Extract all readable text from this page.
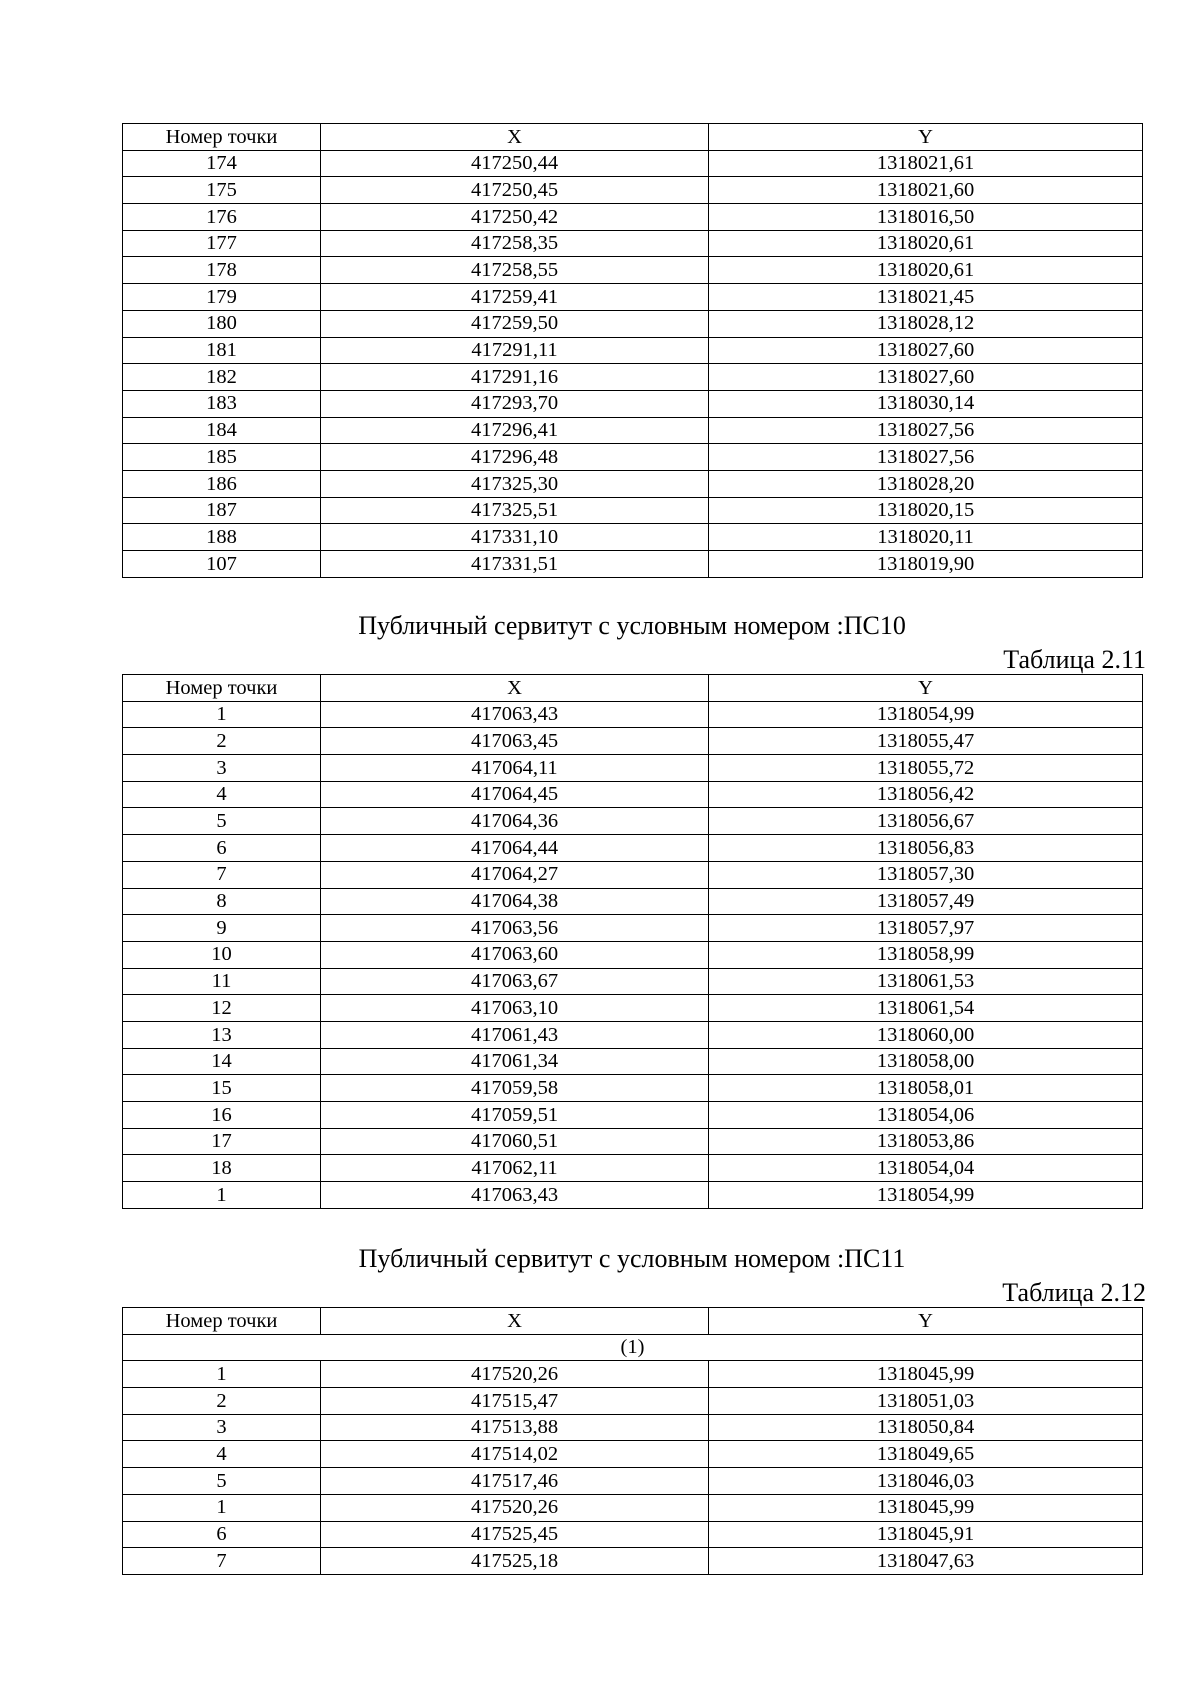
Номер точки	X	Y
174	417250,44	1318021,61
175	417250,45	1318021,60
176	417250,42	1318016,50
177	417258,35	1318020,61
178	417258,55	1318020,61
179	417259,41	1318021,45
180	417259,50	1318028,12
181	417291,11	1318027,60
182	417291,16	1318027,60
183	417293,70	1318030,14
184	417296,41	1318027,56
185	417296,48	1318027,56
186	417325,30	1318028,20
187	417325,51	1318020,15
188	417331,10	1318020,11
107	417331,51	1318019,90
Публичный сервитут с условным номером :ПС10
Таблица 2.11
Номер точки	X	Y
1	417063,43	1318054,99
2	417063,45	1318055,47
3	417064,11	1318055,72
4	417064,45	1318056,42
5	417064,36	1318056,67
6	417064,44	1318056,83
7	417064,27	1318057,30
8	417064,38	1318057,49
9	417063,56	1318057,97
10	417063,60	1318058,99
11	417063,67	1318061,53
12	417063,10	1318061,54
13	417061,43	1318060,00
14	417061,34	1318058,00
15	417059,58	1318058,01
16	417059,51	1318054,06
17	417060,51	1318053,86
18	417062,11	1318054,04
1	417063,43	1318054,99
Публичный сервитут с условным номером :ПС11
Таблица 2.12
Номер точки	X	Y
(1)		
1	417520,26	1318045,99
2	417515,47	1318051,03
3	417513,88	1318050,84
4	417514,02	1318049,65
5	417517,46	1318046,03
1	417520,26	1318045,99
6	417525,45	1318045,91
7	417525,18	1318047,63
